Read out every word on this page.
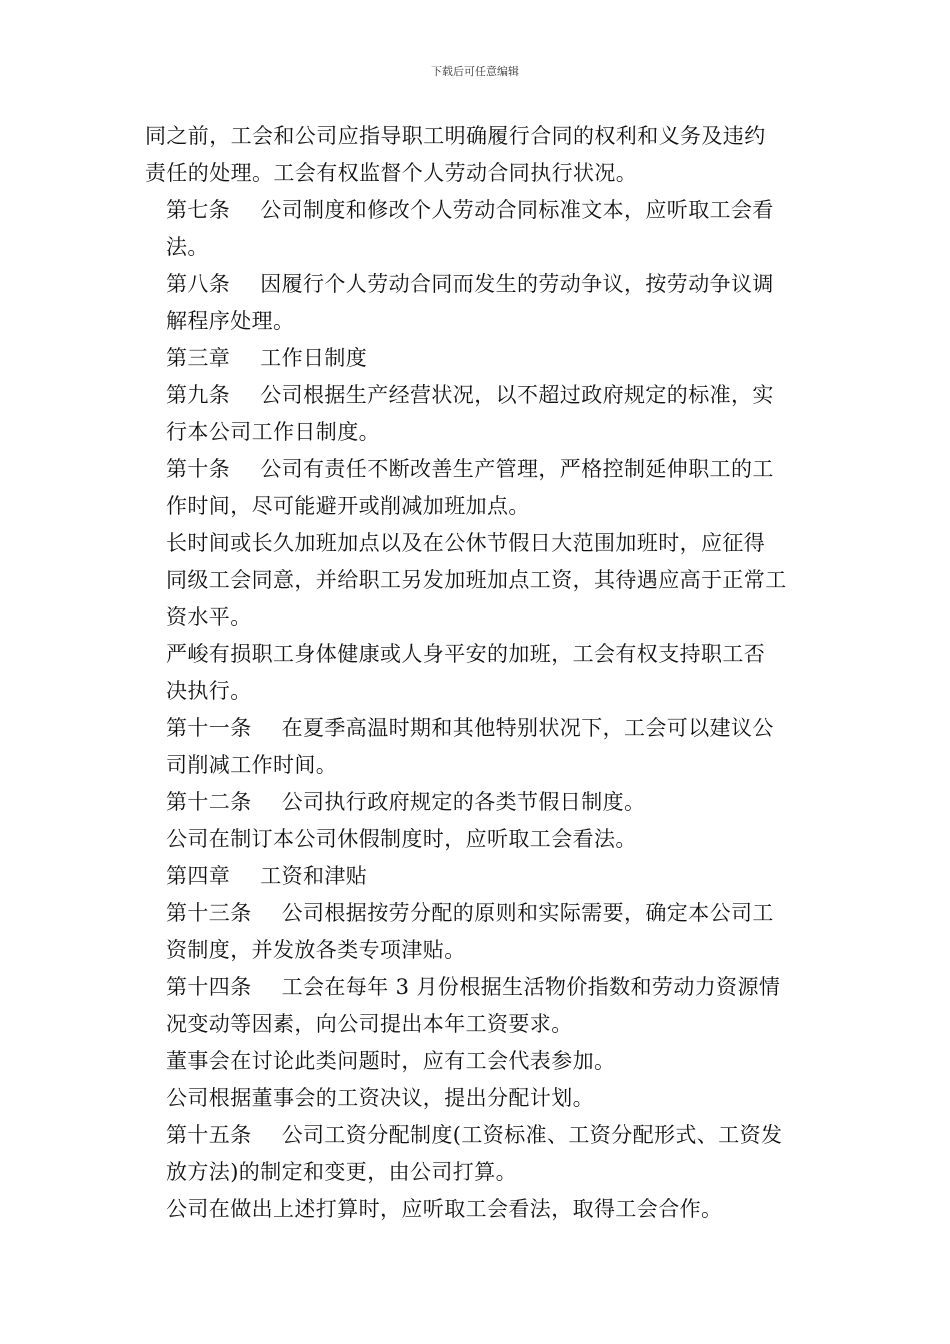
下载后可任意编辑

同之前，工会和公司应指导职工明确履行合同的权利和义务及违约
责任的处理。工会有权监督个人劳动合同执行状况。

第七条 公司制度和修改个人劳动合同标准文本，应听取工会看
法。

第八条 因履行个人劳动合同而发生的劳动争议，按劳动争议调
解程序处理。

第三章 工作日制度

第九条 公司根据生产经营状况，以不超过政府规定的标准，实
行本公司工作日制度。

第十条 公司有责任不断改善生产管理，严格控制延伸职工的工
作时间，尽可能避开或削减加班加点。

长时间或长久加班加点以及在公休节假日大范围加班时，应征得
同级工会同意，并给职工另发加班加点工资，其待遇应高于正常工
资水平。

严峻有损职工身体健康或人身平安的加班，工会有权支持职工否
决执行。

第十一条 在夏季高温时期和其他特别状况下，工会可以建议公
司削减工作时间。

第十二条 公司执行政府规定的各类节假日制度。

公司在制订本公司休假制度时，应听取工会看法。

第四章 工资和津贴

第十三条 公司根据按劳分配的原则和实际需要，确定本公司工
资制度，并发放各类专项津贴。

第十四条 工会在每年 3 月份根据生活物价指数和劳动力资源情
况变动等因素，向公司提出本年工资要求。

董事会在讨论此类问题时，应有工会代表参加。

公司根据董事会的工资决议，提出分配计划。

第十五条 公司工资分配制度(工资标准、工资分配形式、工资发
放方法)的制定和变更，由公司打算。

公司在做出上述打算时，应听取工会看法，取得工会合作。
